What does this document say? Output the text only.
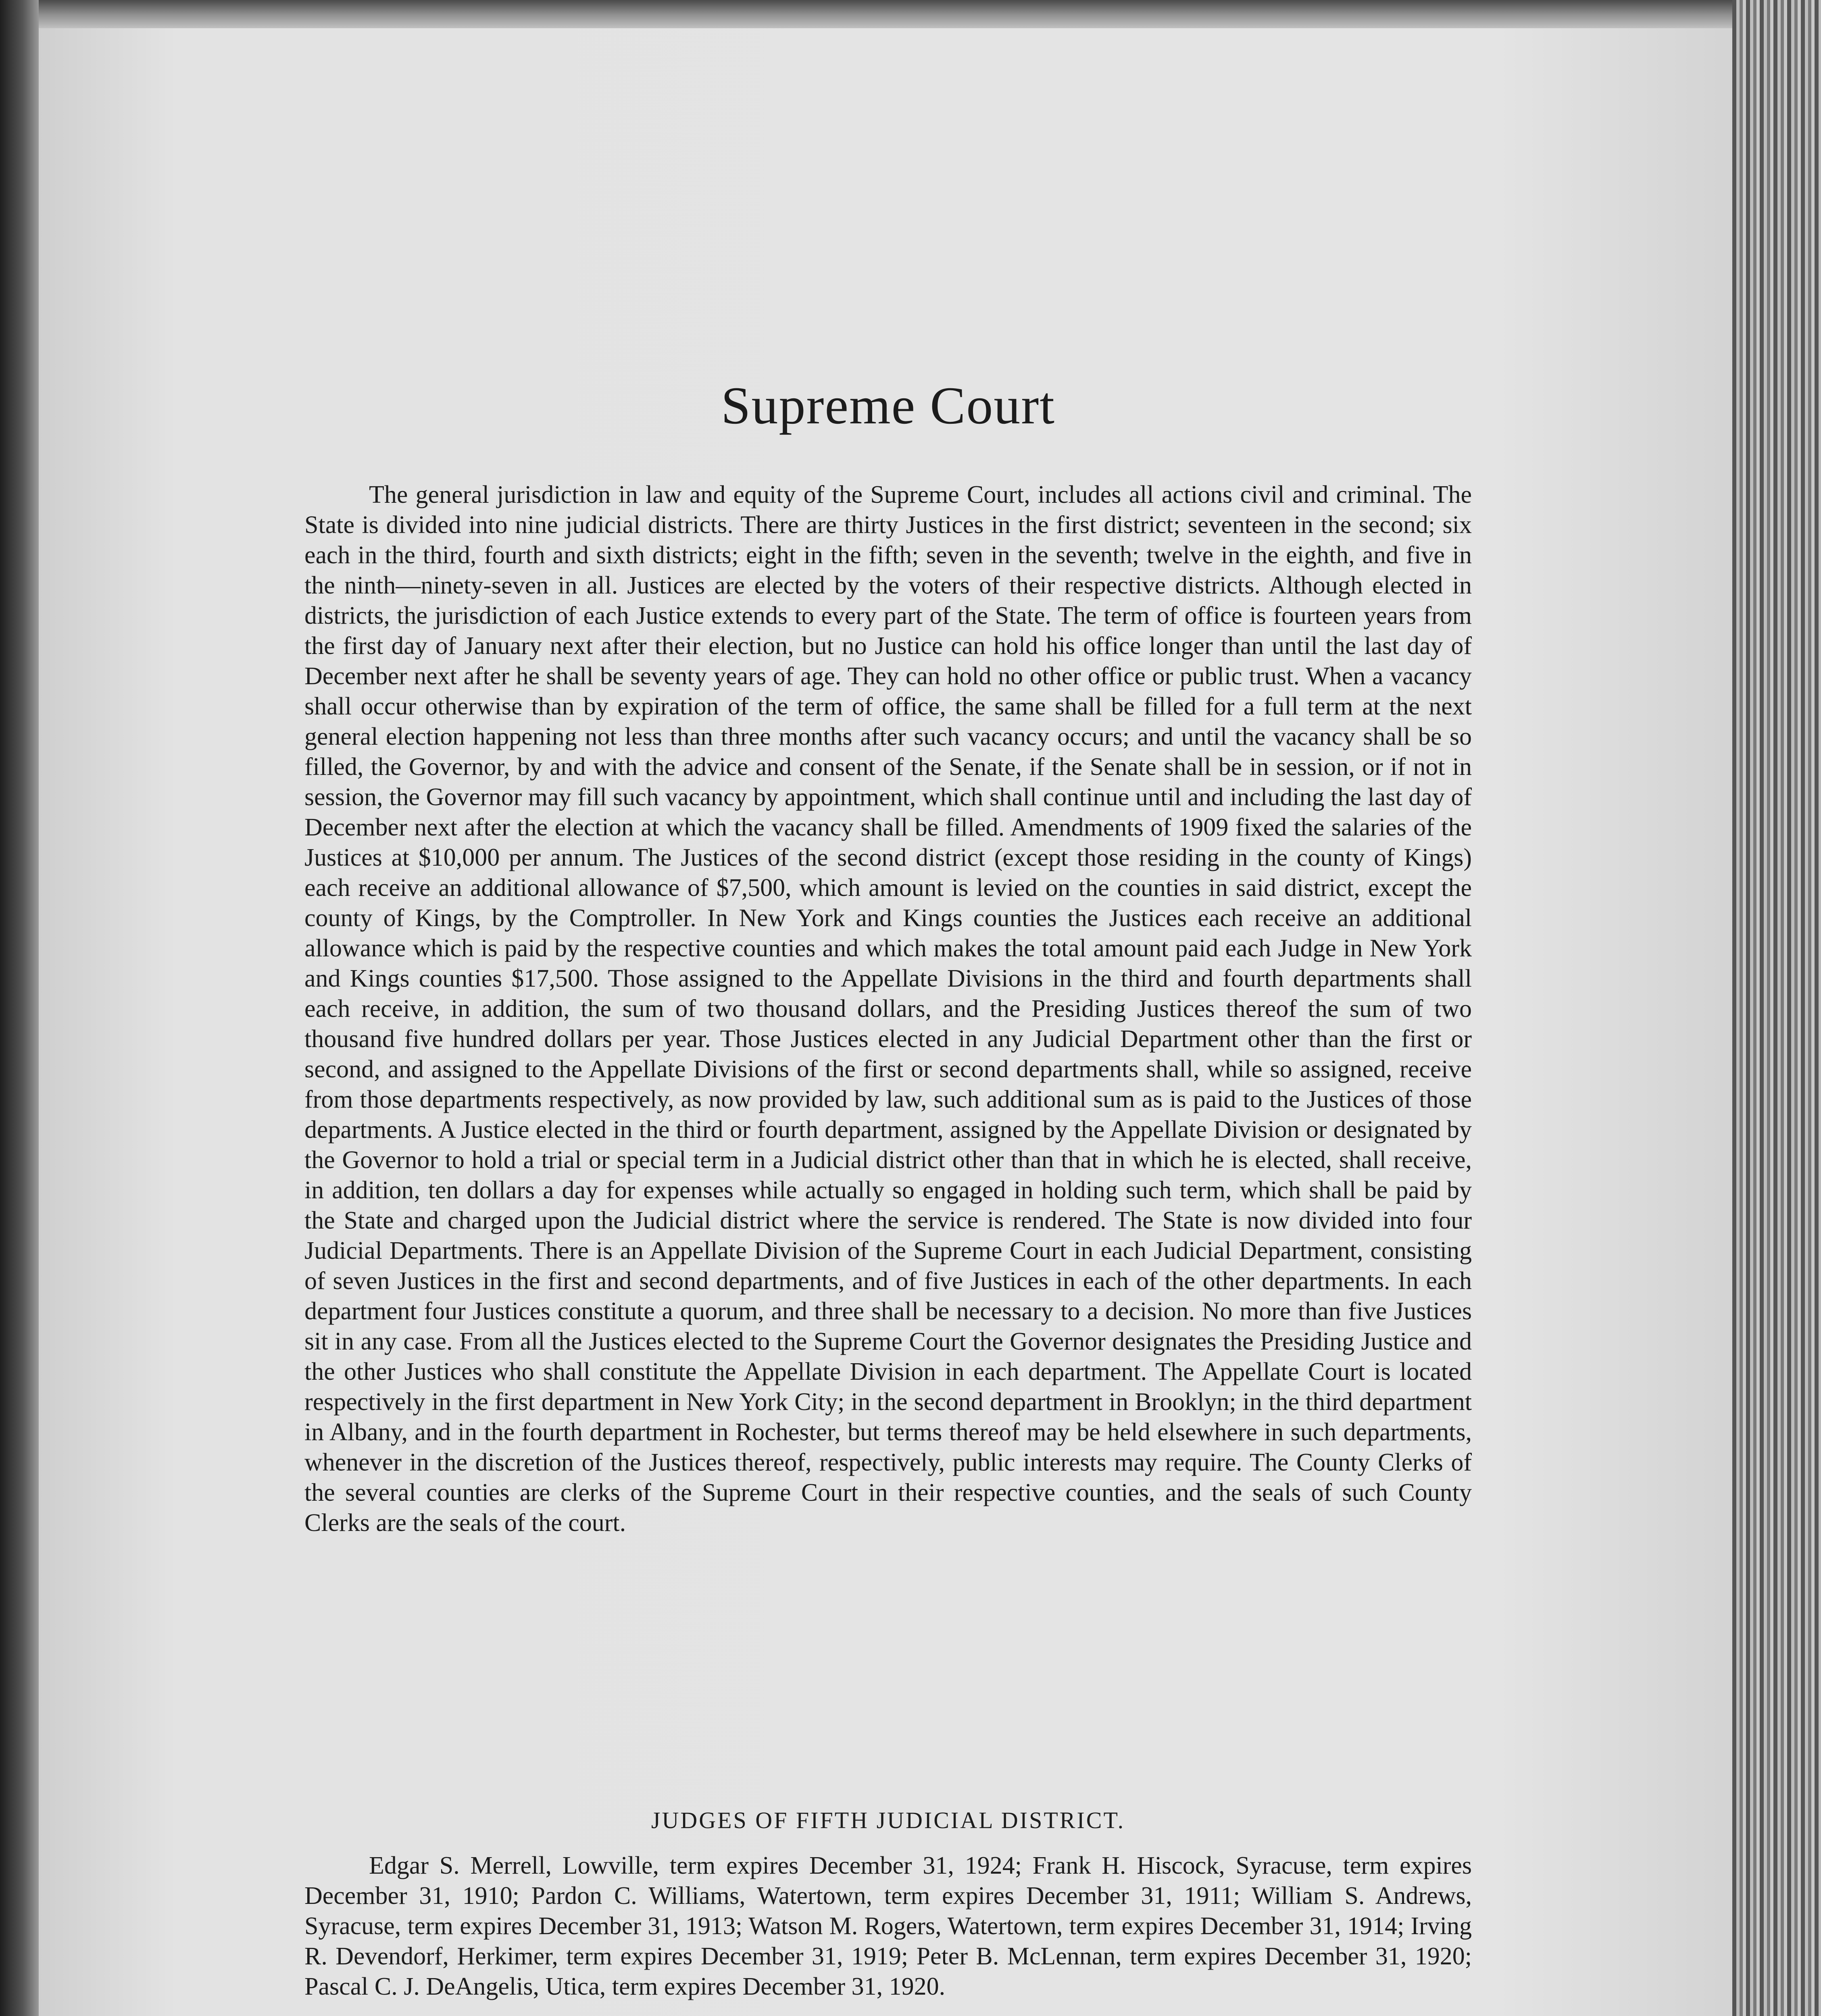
Supreme Court
The general jurisdiction in law and equity of the Supreme Court, includes all actions civil and criminal. The State is divided into nine judicial districts. There are thirty Justices in the first district; seventeen in the second; six each in the third, fourth and sixth districts; eight in the fifth; seven in the seventh; twelve in the eighth, and five in the ninth—ninety-seven in all. Justices are elected by the voters of their respective districts. Although elected in districts, the jurisdiction of each Justice extends to every part of the State. The term of office is fourteen years from the first day of January next after their election, but no Justice can hold his office longer than until the last day of December next after he shall be seventy years of age. They can hold no other office or public trust. When a vacancy shall occur otherwise than by expiration of the term of office, the same shall be filled for a full term at the next general election happening not less than three months after such vacancy occurs; and until the vacancy shall be so filled, the Governor, by and with the advice and consent of the Senate, if the Senate shall be in session, or if not in session, the Governor may fill such vacancy by appointment, which shall continue until and including the last day of December next after the election at which the vacancy shall be filled. Amendments of 1909 fixed the salaries of the Justices at $10,000 per annum. The Justices of the second district (except those residing in the county of Kings) each receive an additional allowance of $7,500, which amount is levied on the counties in said district, except the county of Kings, by the Comptroller. In New York and Kings counties the Justices each receive an additional allowance which is paid by the respective counties and which makes the total amount paid each Judge in New York and Kings counties $17,500. Those assigned to the Appellate Divisions in the third and fourth departments shall each receive, in addition, the sum of two thousand dollars, and the Presiding Justices thereof the sum of two thousand five hundred dollars per year. Those Justices elected in any Judicial Department other than the first or second, and assigned to the Appellate Divisions of the first or second departments shall, while so assigned, receive from those departments respectively, as now provided by law, such additional sum as is paid to the Justices of those departments. A Justice elected in the third or fourth department, assigned by the Appellate Division or designated by the Governor to hold a trial or special term in a Judicial district other than that in which he is elected, shall receive, in addition, ten dollars a day for expenses while actually so engaged in holding such term, which shall be paid by the State and charged upon the Judicial district where the service is rendered. The State is now divided into four Judicial Departments. There is an Appellate Division of the Supreme Court in each Judicial Department, consisting of seven Justices in the first and second departments, and of five Justices in each of the other departments. In each department four Justices constitute a quorum, and three shall be necessary to a decision. No more than five Justices sit in any case. From all the Justices elected to the Supreme Court the Governor designates the Presiding Justice and the other Justices who shall constitute the Appellate Division in each department. The Appellate Court is located respectively in the first department in New York City; in the second department in Brooklyn; in the third department in Albany, and in the fourth department in Rochester, but terms thereof may be held elsewhere in such departments, whenever in the discretion of the Justices thereof, respectively, public interests may require. The County Clerks of the several counties are clerks of the Supreme Court in their respective counties, and the seals of such County Clerks are the seals of the court.
JUDGES OF FIFTH JUDICIAL DISTRICT.
Edgar S. Merrell, Lowville, term expires December 31, 1924; Frank H. Hiscock, Syracuse, term expires December 31, 1910; Pardon C. Williams, Watertown, term expires December 31, 1911; William S. Andrews, Syracuse, term expires December 31, 1913; Watson M. Rogers, Watertown, term expires December 31, 1914; Irving R. Devendorf, Herkimer, term expires December 31, 1919; Peter B. McLennan, term expires December 31, 1920; Pascal C. J. DeAngelis, Utica, term expires December 31, 1920.
